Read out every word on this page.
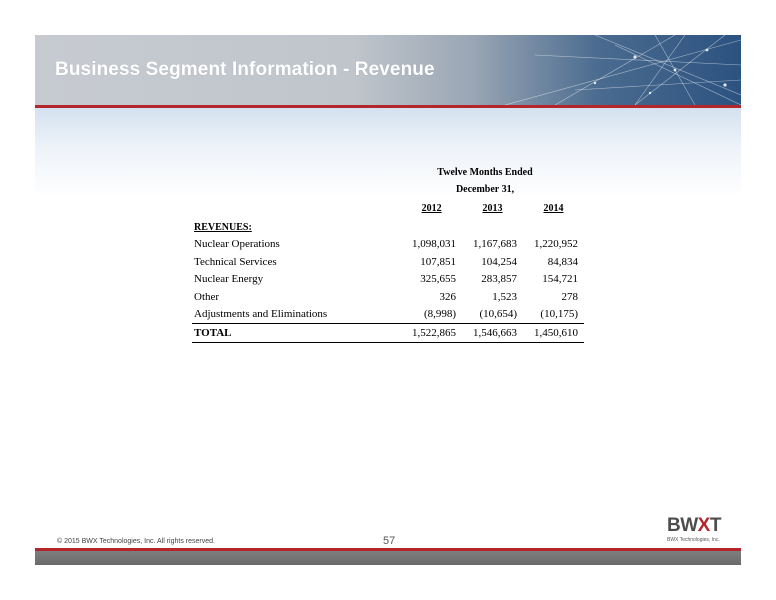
Business Segment Information - Revenue
Twelve Months Ended
December 31,
	2012	2013	2014
REVENUES:			
Nuclear Operations	1,098,031	1,167,683	1,220,952
Technical Services	107,851	104,254	84,834
Nuclear Energy	325,655	283,857	154,721
Other	326	1,523	278
Adjustments and Eliminations	(8,998)	(10,654)	(10,175)
TOTAL	1,522,865	1,546,663	1,450,610
© 2015 BWX Technologies, Inc. All rights reserved.	57
BWXT
BWX Technologies, Inc.
